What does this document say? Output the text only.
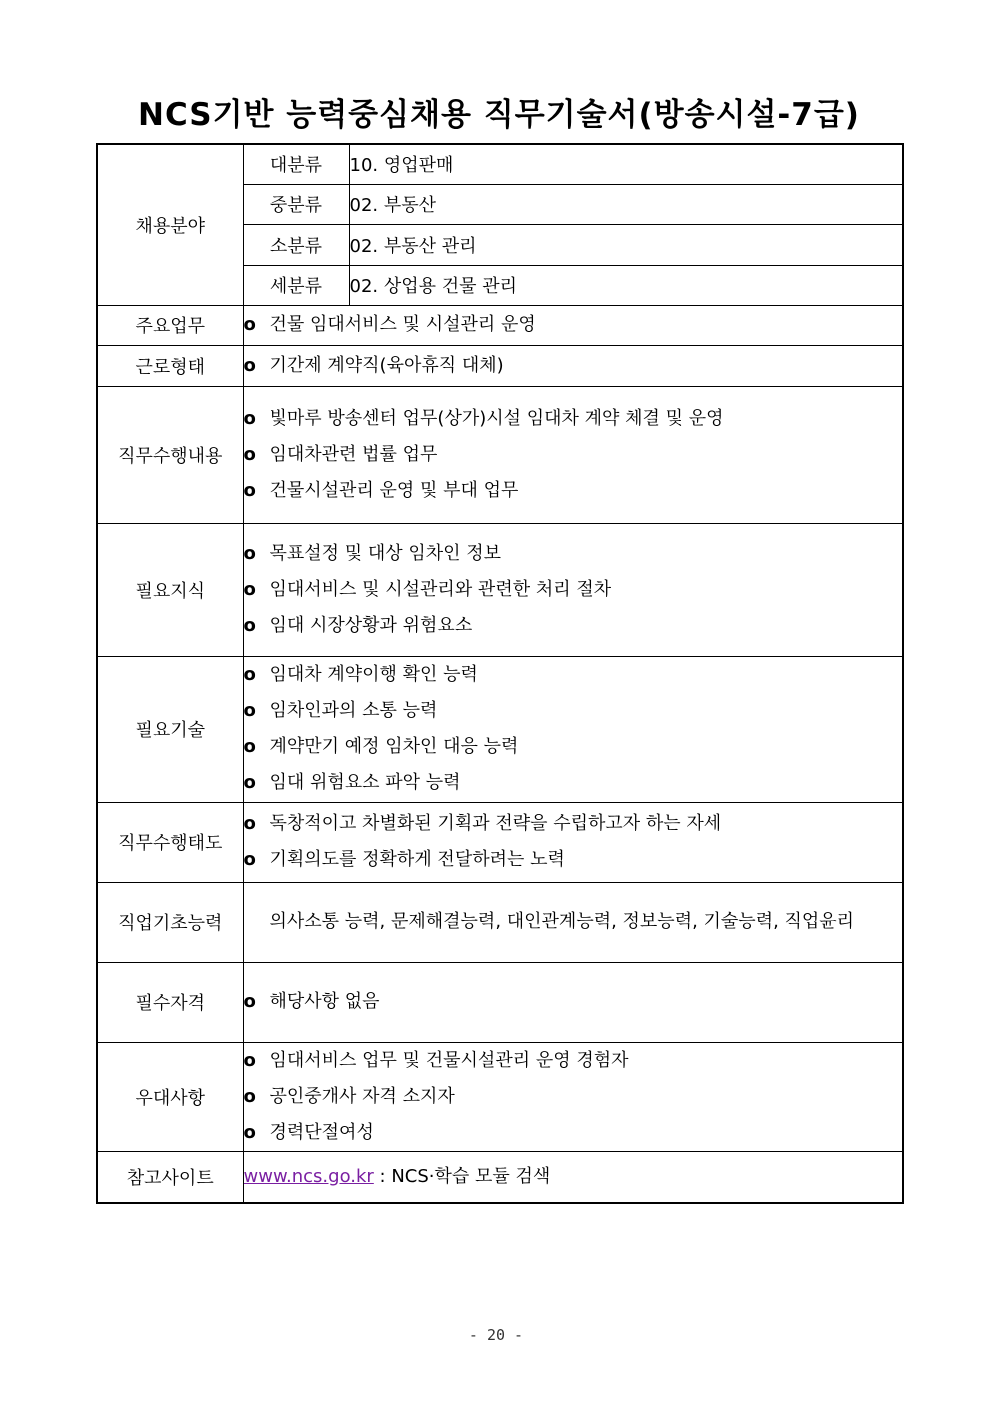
NCS기반 능력중심채용 직무기술서(방송시설-7급)
채용분야	대분류	10. 영업판매
	중분류	02. 부동산
	소분류	02. 부동산 관리
	세분류	02. 상업용 건물 관리
주요업무	o 건물 임대서비스 및 시설관리 운영	

근로형태	o 기간제 계약직(육아휴직 대체)	

직무수행내용	o 빛마루 방송센터 업무(상가)시설 임대차 계약 체결 및 운영
o 임대차관련 법률 업무
o 건물시설관리 운영 및 부대 업무	

필요지식	o 목표설정 및 대상 임차인 정보
o 임대서비스 및 시설관리와 관련한 처리 절차
o 임대 시장상황과 위험요소	

필요기술	o 임대차 계약이행 확인 능력
o 임차인과의 소통 능력
o 계약만기 예정 임차인 대응 능력
o 임대 위험요소 파악 능력	

직무수행태도	o 독창적이고 차별화된 기획과 전략을 수립하고자 하는 자세
o 기획의도를 정확하게 전달하려는 노력	

직업기초능력	의사소통 능력, 문제해결능력, 대인관계능력, 정보능력, 기술능력, 직업윤리	

필수자격	o 해당사항 없음	

우대사항	o 임대서비스 업무 및 건물시설관리 운영 경험자
o 공인중개사 자격 소지자
o 경력단절여성	

참고사이트	www.ncs.go.kr : NCS·학습 모듈 검색	
- 20 -
